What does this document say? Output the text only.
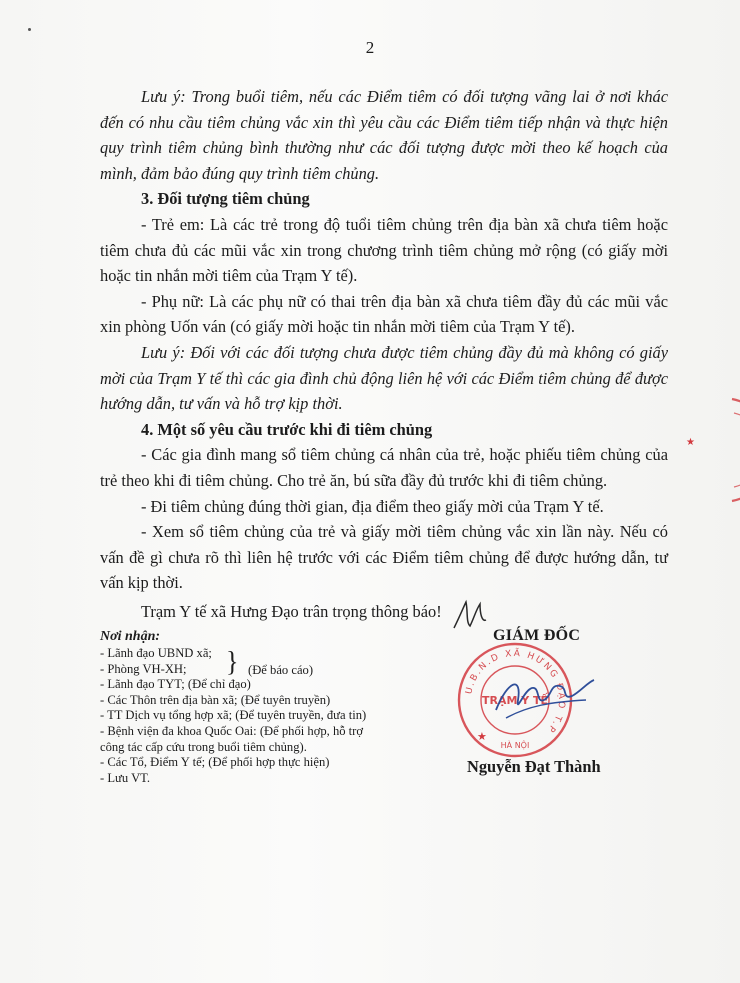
2

Lưu ý: Trong buổi tiêm, nếu các Điểm tiêm có đối tượng vãng lai ở nơi khác đến có nhu cầu tiêm chủng vắc xin thì yêu cầu các Điểm tiêm tiếp nhận và thực hiện quy trình tiêm chủng bình thường như các đối tượng được mời theo kế hoạch của mình, đảm bảo đúng quy trình tiêm chủng.

3. Đối tượng tiêm chủng

- Trẻ em: Là các trẻ trong độ tuổi tiêm chủng trên địa bàn xã chưa tiêm hoặc tiêm chưa đủ các mũi vắc xin trong chương trình tiêm chủng mở rộng (có giấy mời hoặc tin nhắn mời tiêm của Trạm Y tế).

- Phụ nữ: Là các phụ nữ có thai trên địa bàn xã chưa tiêm đầy đủ các mũi vắc xin phòng Uốn ván (có giấy mời hoặc tin nhắn mời tiêm của Trạm Y tế).

Lưu ý: Đối với các đối tượng chưa được tiêm chủng đầy đủ mà không có giấy mời của Trạm Y tế thì các gia đình chủ động liên hệ với các Điểm tiêm chủng để được hướng dẫn, tư vấn và hỗ trợ kịp thời.

4. Một số yêu cầu trước khi đi tiêm chủng

- Các gia đình mang sổ tiêm chủng cá nhân của trẻ, hoặc phiếu tiêm chủng của trẻ theo khi đi tiêm chủng. Cho trẻ ăn, bú sữa đầy đủ trước khi đi tiêm chủng.

- Đi tiêm chủng đúng thời gian, địa điểm theo giấy mời của Trạm Y tế.

- Xem sổ tiêm chủng của trẻ và giấy mời tiêm chủng vắc xin lần này. Nếu có vấn đề gì chưa rõ thì liên hệ trước với các Điểm tiêm chủng để được hướng dẫn, tư vấn kịp thời.

Trạm Y tế xã Hưng Đạo trân trọng thông báo!
Nơi nhận:
- Lãnh đạo UBND xã;
- Phòng VH-XH;	(Để báo cáo)
- Lãnh đạo TYT; (Để chỉ đạo)
- Các Thôn trên địa bàn xã; (Để tuyên truyền)
- TT Dịch vụ tổng hợp xã; (Để tuyên truyền, đưa tin)
- Bệnh viện đa khoa Quốc Oai: (Để phối hợp, hỗ trợ
công tác cấp cứu trong buổi tiêm chủng).
- Các Tổ, Điểm Y tế; (Để phối hợp thực hiện)
- Lưu VT.
}
GIÁM ĐỐC
U.B.N.D XÃ HƯNG ĐẠO T.P
TRẠM Y TẾ
HÀ NỘI
★
★
Nguyễn Đạt Thành
